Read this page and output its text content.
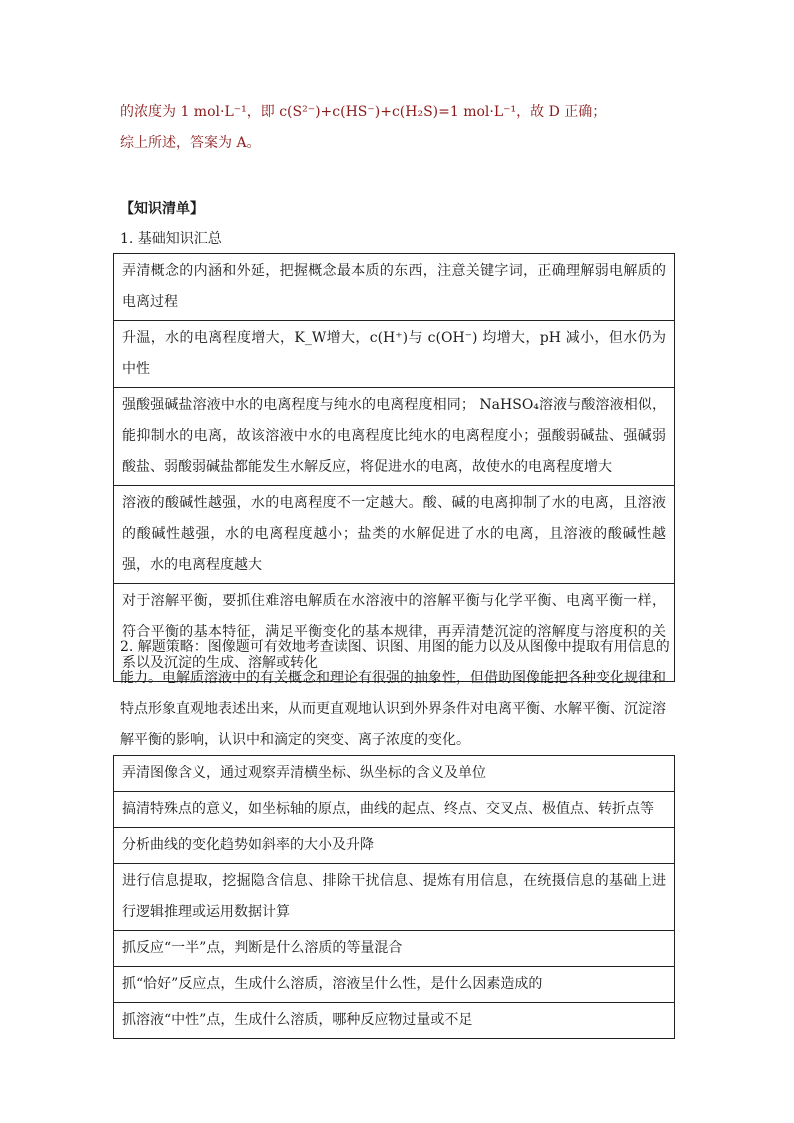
的浓度为 1 mol·L⁻¹，即 c(S²⁻)+c(HS⁻)+c(H₂S)=1 mol·L⁻¹，故 D 正确；
综上所述，答案为 A。
【知识清单】
1. 基础知识汇总
弄清概念的内涵和外延，把握概念最本质的东西，注意关键字词，正确理解弱电解质的电离过程
升温，水的电离程度增大，K_W增大，c(H⁺)与 c(OH⁻) 均增大，pH 减小，但水仍为中性
强酸强碱盐溶液中水的电离程度与纯水的电离程度相同； NaHSO₄溶液与酸溶液相似，能抑制水的电离，故该溶液中水的电离程度比纯水的电离程度小；强酸弱碱盐、强碱弱酸盐、弱酸弱碱盐都能发生水解反应，将促进水的电离，故使水的电离程度增大
溶液的酸碱性越强，水的电离程度不一定越大。酸、碱的电离抑制了水的电离，且溶液的酸碱性越强，水的电离程度越小；盐类的水解促进了水的电离，且溶液的酸碱性越强，水的电离程度越大
对于溶解平衡，要抓住难溶电解质在水溶液中的溶解平衡与化学平衡、电离平衡一样，符合平衡的基本特征，满足平衡变化的基本规律，再弄清楚沉淀的溶解度与溶度积的关系以及沉淀的生成、溶解或转化
2. 解题策略：图像题可有效地考查读图、识图、用图的能力以及从图像中提取有用信息的能力。电解质溶液中的有关概念和理论有很强的抽象性，但借助图像能把各种变化规律和特点形象直观地表述出来，从而更直观地认识到外界条件对电离平衡、水解平衡、沉淀溶解平衡的影响，认识中和滴定的突变、离子浓度的变化。
弄清图像含义，通过观察弄清横坐标、纵坐标的含义及单位
搞清特殊点的意义，如坐标轴的原点，曲线的起点、终点、交叉点、极值点、转折点等
分析曲线的变化趋势如斜率的大小及升降
进行信息提取，挖掘隐含信息、排除干扰信息、提炼有用信息，在统摄信息的基础上进行逻辑推理或运用数据计算
抓反应“一半”点，判断是什么溶质的等量混合
抓“恰好”反应点，生成什么溶质，溶液呈什么性，是什么因素造成的
抓溶液“中性”点，生成什么溶质，哪种反应物过量或不足
